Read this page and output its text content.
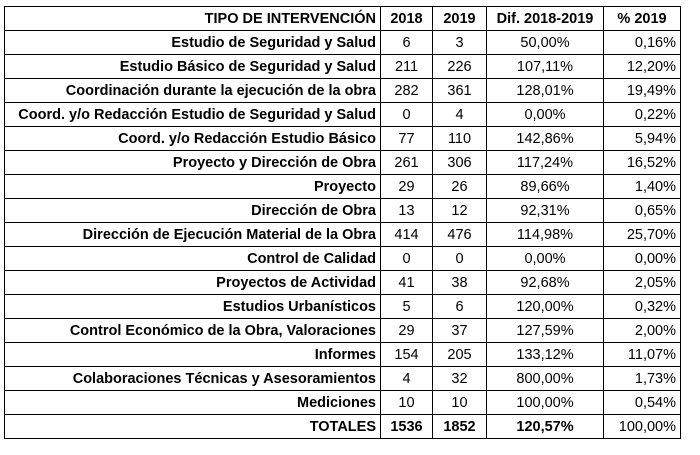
TIPO DE INTERVENCIÓN	2018	2019	Dif. 2018-2019	% 2019
Estudio de Seguridad y Salud	6	3	50,00%	0,16%
Estudio Básico de Seguridad y Salud	211	226	107,11%	12,20%
Coordinación durante la ejecución de la obra	282	361	128,01%	19,49%
Coord. y/o Redacción Estudio de Seguridad y Salud	0	4	0,00%	0,22%
Coord. y/o Redacción Estudio Básico	77	110	142,86%	5,94%
Proyecto y Dirección de Obra	261	306	117,24%	16,52%
Proyecto	29	26	89,66%	1,40%
Dirección de Obra	13	12	92,31%	0,65%
Dirección de Ejecución Material de la Obra	414	476	114,98%	25,70%
Control de Calidad	0	0	0,00%	0,00%
Proyectos de Actividad	41	38	92,68%	2,05%
Estudios Urbanísticos	5	6	120,00%	0,32%
Control Económico de la Obra, Valoraciones	29	37	127,59%	2,00%
Informes	154	205	133,12%	11,07%
Colaboraciones Técnicas y Asesoramientos	4	32	800,00%	1,73%
Mediciones	10	10	100,00%	0,54%
TOTALES	1536	1852	120,57%	100,00%
